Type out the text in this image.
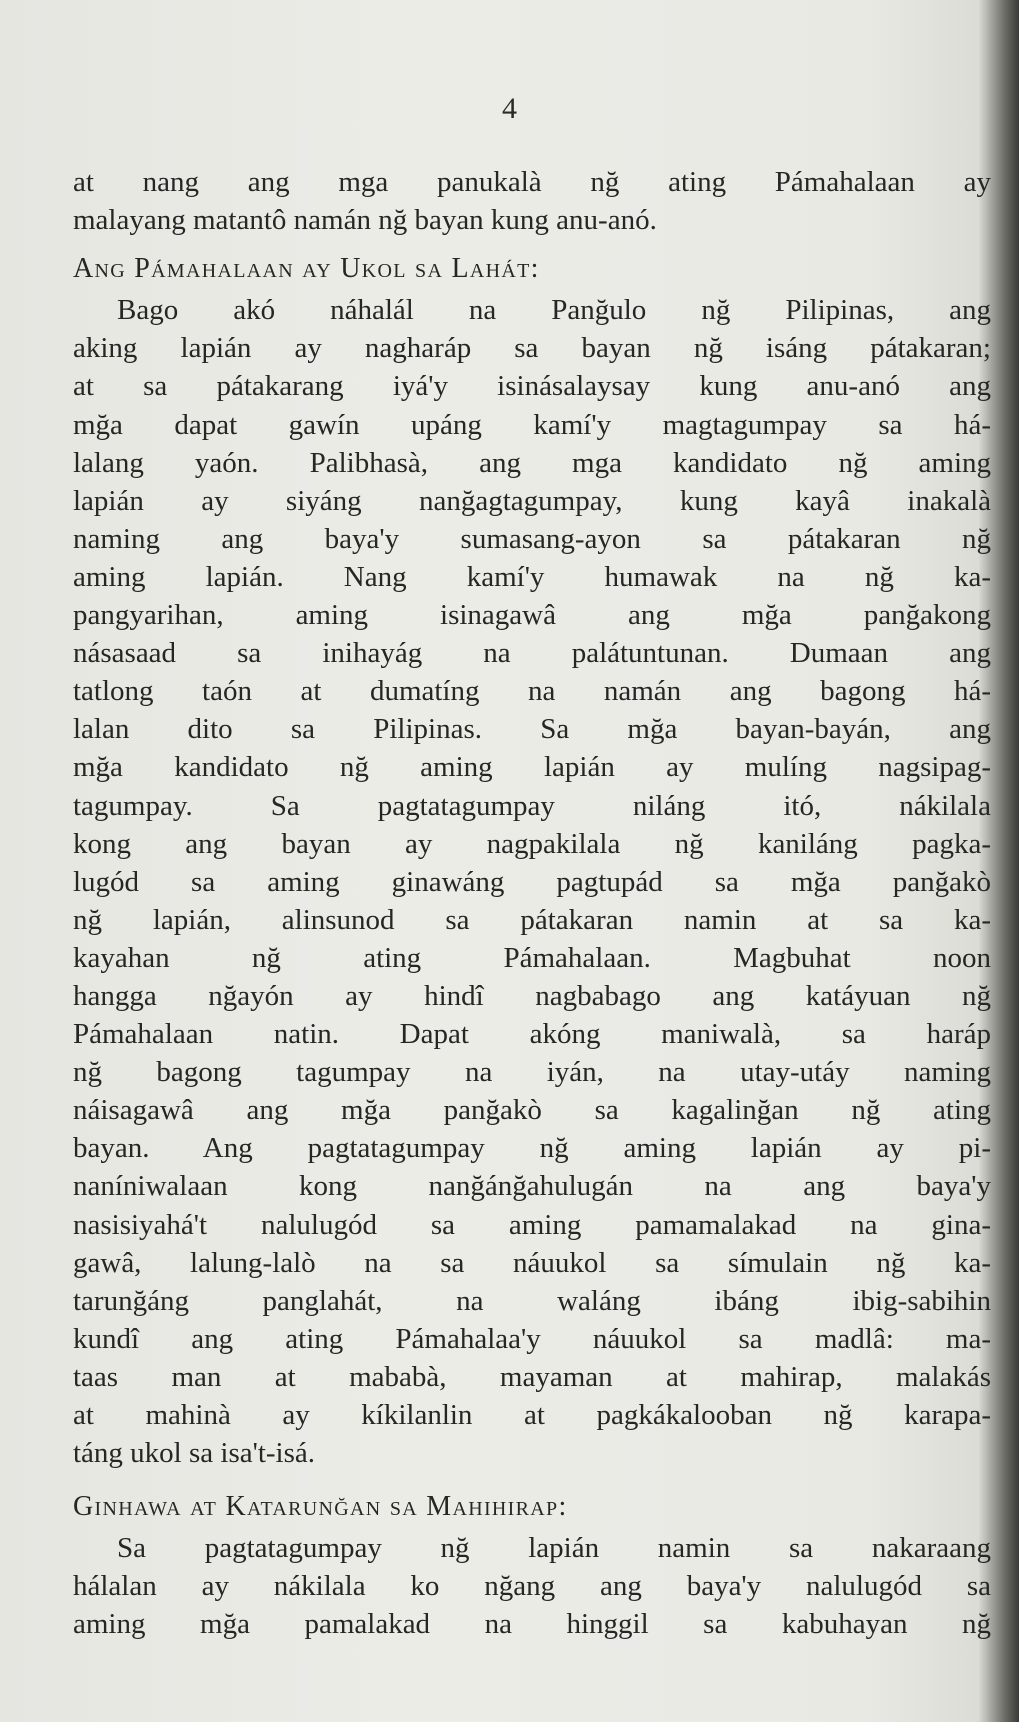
4
at nang ang mga panukalà nğ ating Pámahalaan ay
malayang matantô namán nğ bayan kung anu-anó.
Ang Pámahalaan ay Ukol sa Lahát:
Bago akó náhalál na Panğulo nğ Pilipinas, ang
aking lapián ay nagharáp sa bayan nğ isáng pátakaran;
at sa pátakarang iyá'y isinásalaysay kung anu-anó ang
mğa dapat gawín upáng kamí'y magtagumpay sa há-
lalang yaón. Palibhasà, ang mga kandidato nğ aming
lapián ay siyáng nanğagtagumpay, kung kayâ inakalà
naming ang baya'y sumasang-ayon sa pátakaran nğ
aming lapián. Nang kamí'y humawak na nğ ka-
pangyarihan, aming isinagawâ ang mğa panğakong
násasaad sa inihayág na palátuntunan. Dumaan ang
tatlong taón at dumatíng na namán ang bagong há-
lalan dito sa Pilipinas. Sa mğa bayan-bayán, ang
mğa kandidato nğ aming lapián ay mulíng nagsipag-
tagumpay. Sa pagtatagumpay niláng itó, nákilala
kong ang bayan ay nagpakilala nğ kaniláng pagka-
lugód sa aming ginawáng pagtupád sa mğa panğakò
nğ lapián, alinsunod sa pátakaran namin at sa ka-
kayahan nğ ating Pámahalaan. Magbuhat noon
hangga nğayón ay hindî nagbabago ang katáyuan nğ
Pámahalaan natin. Dapat akóng maniwalà, sa haráp
nğ bagong tagumpay na iyán, na utay-utáy naming
náisagawâ ang mğa panğakò sa kagalinğan nğ ating
bayan. Ang pagtatagumpay nğ aming lapián ay pi-
naníniwalaan kong nanğánğahulugán na ang baya'y
nasisiyahá't nalulugód sa aming pamamalakad na gina-
gawâ, lalung-lalò na sa náuukol sa símulain nğ ka-
tarunğáng panglahát, na waláng ibáng ibig-sabihin
kundî ang ating Pámahalaa'y náuukol sa madlâ: ma-
taas man at mababà, mayaman at mahirap, malakás
at mahinà ay kíkilanlin at pagkákalooban nğ karapa-
táng ukol sa isa't-isá.
Ginhawa at Katarunğan sa Mahihirap:
Sa pagtatagumpay nğ lapián namin sa nakaraang
hálalan ay nákilala ko nğang ang baya'y nalulugód sa
aming mğa pamalakad na hinggil sa kabuhayan nğ
